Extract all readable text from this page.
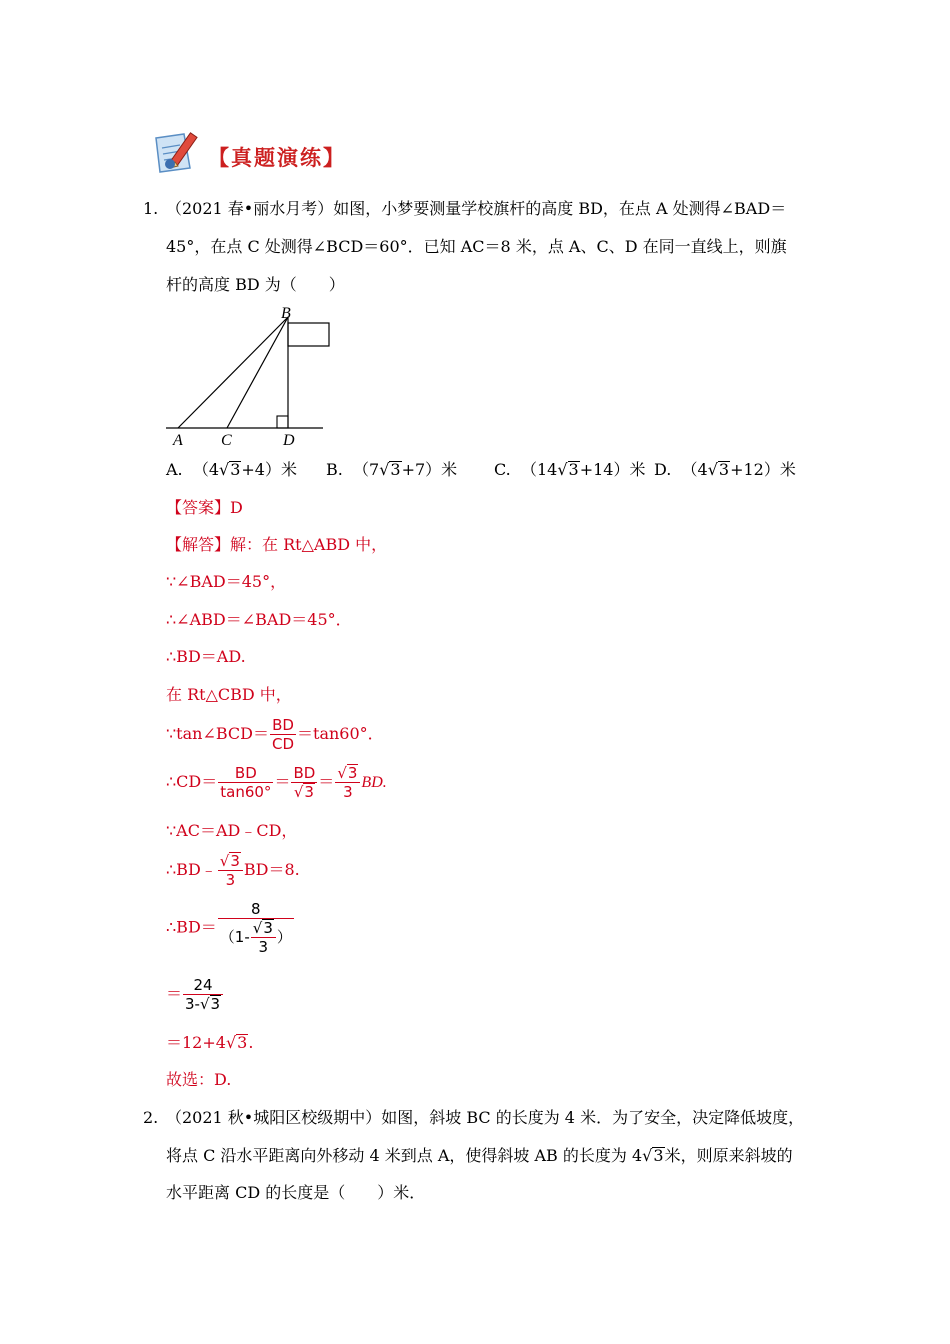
【真题演练】
1. （2021 春•丽水月考）如图，小梦要测量学校旗杆的高度 BD，在点 A 处测得∠BAD＝
45°，在点 C 处测得∠BCD＝60°．已知 AC＝8 米，点 A、C、D 在同一直线上，则旗
杆的高度 BD 为（　　）
B
A C	D
A. （4√3+4）米 B. （7√3+7）米 C. （14√3+14）米 D. （4√3+12）米
【答案】D
【解答】解：在 Rt△ABD 中，
∵∠BAD＝45°，
∴∠ABD＝∠BAD＝45°．
∴BD＝AD.
在 Rt△CBD 中，
∵tan∠BCD＝ $\frac{BD}{CD} =\tan 60^\circ$．
∴CD＝ $\frac{BD}{\tan 60^\circ} = \frac{BD}{√3} = \frac{√3}{3}$ BD.
∵AC＝AD﹣CD，
∴BD﹣ $\frac{√3}{3} BD=8$.
∴BD＝ $\frac{8}{(1- \frac{√3}{3} )}$
＝ $\frac{24}{3-√3}$
＝12+4√3.
故选：D.
2. （2021 秋•城阳区校级期中）如图，斜坡 BC 的长度为 4 米．为了安全，决定降低坡度，
将点 C 沿水平距离向外移动 4 米到点 A，使得斜坡 AB 的长度为 4√3米，则原来斜坡的
水平距离 CD 的长度是（　　）米．
